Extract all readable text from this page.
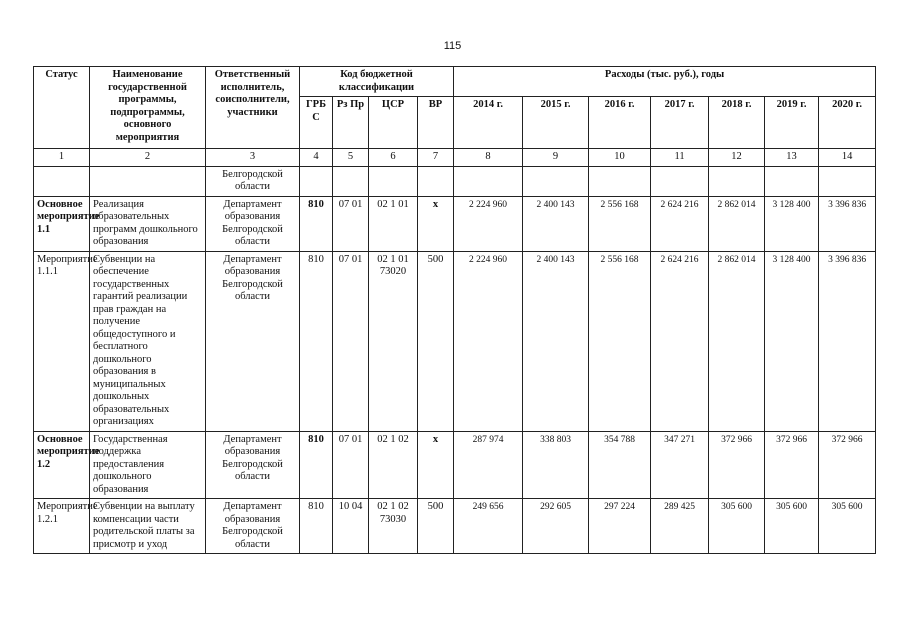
115
Статус	Наименование государственной программы, подпрограммы, основного мероприятия	Ответственный исполнитель, соисполнители, участники	Код бюджетной классификации				Расходы (тыс. руб.), годы						
			ГРБ С	Рз Пр	ЦСР	ВР	2014 г.	2015 г.	2016 г.	2017 г.	2018 г.	2019 г.	2020 г.
1	2	3	4	5	6	7	8	9	10	11	12	13	14
		Белгородской области											
Основное мероприятие 1.1	Реализация образовательных программ дошкольного образования	Департамент образования Белгородской области	810	07 01	02 1 01	х	2 224 960	2 400 143	2 556 168	2 624 216	2 862 014	3 128 400	3 396 836
Мероприятие 1.1.1	Субвенции на обеспечение государственных гарантий реализации прав граждан на получение общедоступного и бесплатного дошкольного образования в муниципальных дошкольных образовательных организациях	Департамент образования Белгородской области	810	07 01	02 1 01 73020	500	2 224 960	2 400 143	2 556 168	2 624 216	2 862 014	3 128 400	3 396 836
Основное мероприятие 1.2	Государственная поддержка предоставления дошкольного образования	Департамент образования Белгородской области	810	07 01	02 1 02	х	287 974	338 803	354 788	347 271	372 966	372 966	372 966
Мероприятие 1.2.1	Субвенции на выплату компенсации части родительской платы за присмотр и уход	Департамент образования Белгородской области	810	10 04	02 1 02 73030	500	249 656	292 605	297 224	289 425	305 600	305 600	305 600
